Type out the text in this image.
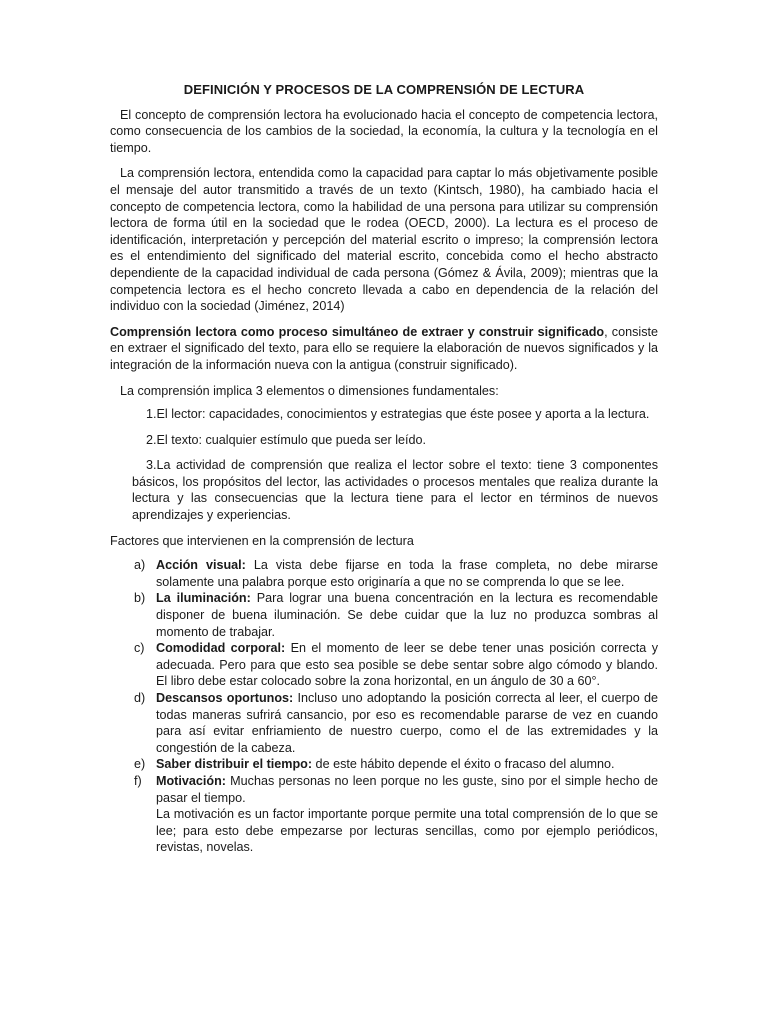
DEFINICIÓN Y PROCESOS DE LA COMPRENSIÓN DE LECTURA

El concepto de comprensión lectora ha evolucionado hacia el concepto de competencia lectora, como consecuencia de los cambios de la sociedad, la economía, la cultura y la tecnología en el tiempo.

La comprensión lectora, entendida como la capacidad para captar lo más objetivamente posible el mensaje del autor transmitido a través de un texto (Kintsch, 1980), ha cambiado hacia el concepto de competencia lectora, como la habilidad de una persona para utilizar su comprensión lectora de forma útil en la sociedad que le rodea (OECD, 2000). La lectura es el proceso de identificación, interpretación y percepción del material escrito o impreso; la comprensión lectora es el entendimiento del significado del material escrito, concebida como el hecho abstracto dependiente de la capacidad individual de cada persona (Gómez & Ávila, 2009); mientras que la competencia lectora es el hecho concreto llevada a cabo en dependencia de la relación del individuo con la sociedad (Jiménez, 2014)

Comprensión lectora como proceso simultáneo de extraer y construir significado, consiste en extraer el significado del texto, para ello se requiere la elaboración de nuevos significados y la integración de la información nueva con la antigua (construir significado).

La comprensión implica 3 elementos o dimensiones fundamentales:

1.El lector: capacidades, conocimientos y estrategias que éste posee y aporta a la lectura.

2.El texto: cualquier estímulo que pueda ser leído.

3.La actividad de comprensión que realiza el lector sobre el texto: tiene 3 componentes básicos, los propósitos del lector, las actividades o procesos mentales que realiza durante la lectura y las consecuencias que la lectura tiene para el lector en términos de nuevos aprendizajes y experiencias.

Factores que intervienen en la comprensión de lectura
a) Acción visual: La vista debe fijarse en toda la frase completa, no debe mirarse solamente una palabra porque esto originaría a que no se comprenda lo que se lee.
b) La iluminación: Para lograr una buena concentración en la lectura es recomendable disponer de buena iluminación. Se debe cuidar que la luz no produzca sombras al momento de trabajar.
c) Comodidad corporal: En el momento de leer se debe tener unas posición correcta y adecuada. Pero para que esto sea posible se debe sentar sobre algo cómodo y blando. El libro debe estar colocado sobre la zona horizontal, en un ángulo de 30 a 60°.
d) Descansos oportunos: Incluso uno adoptando la posición correcta al leer, el cuerpo de todas maneras sufrirá cansancio, por eso es recomendable pararse de vez en cuando para así evitar enfriamiento de nuestro cuerpo, como el de las extremidades y la congestión de la cabeza.
e) Saber distribuir el tiempo: de este hábito depende el éxito o fracaso del alumno.
f) Motivación: Muchas personas no leen porque no les guste, sino por el simple hecho de pasar el tiempo.
La motivación es un factor importante porque permite una total comprensión de lo que se lee; para esto debe empezarse por lecturas sencillas, como por ejemplo periódicos, revistas, novelas.
